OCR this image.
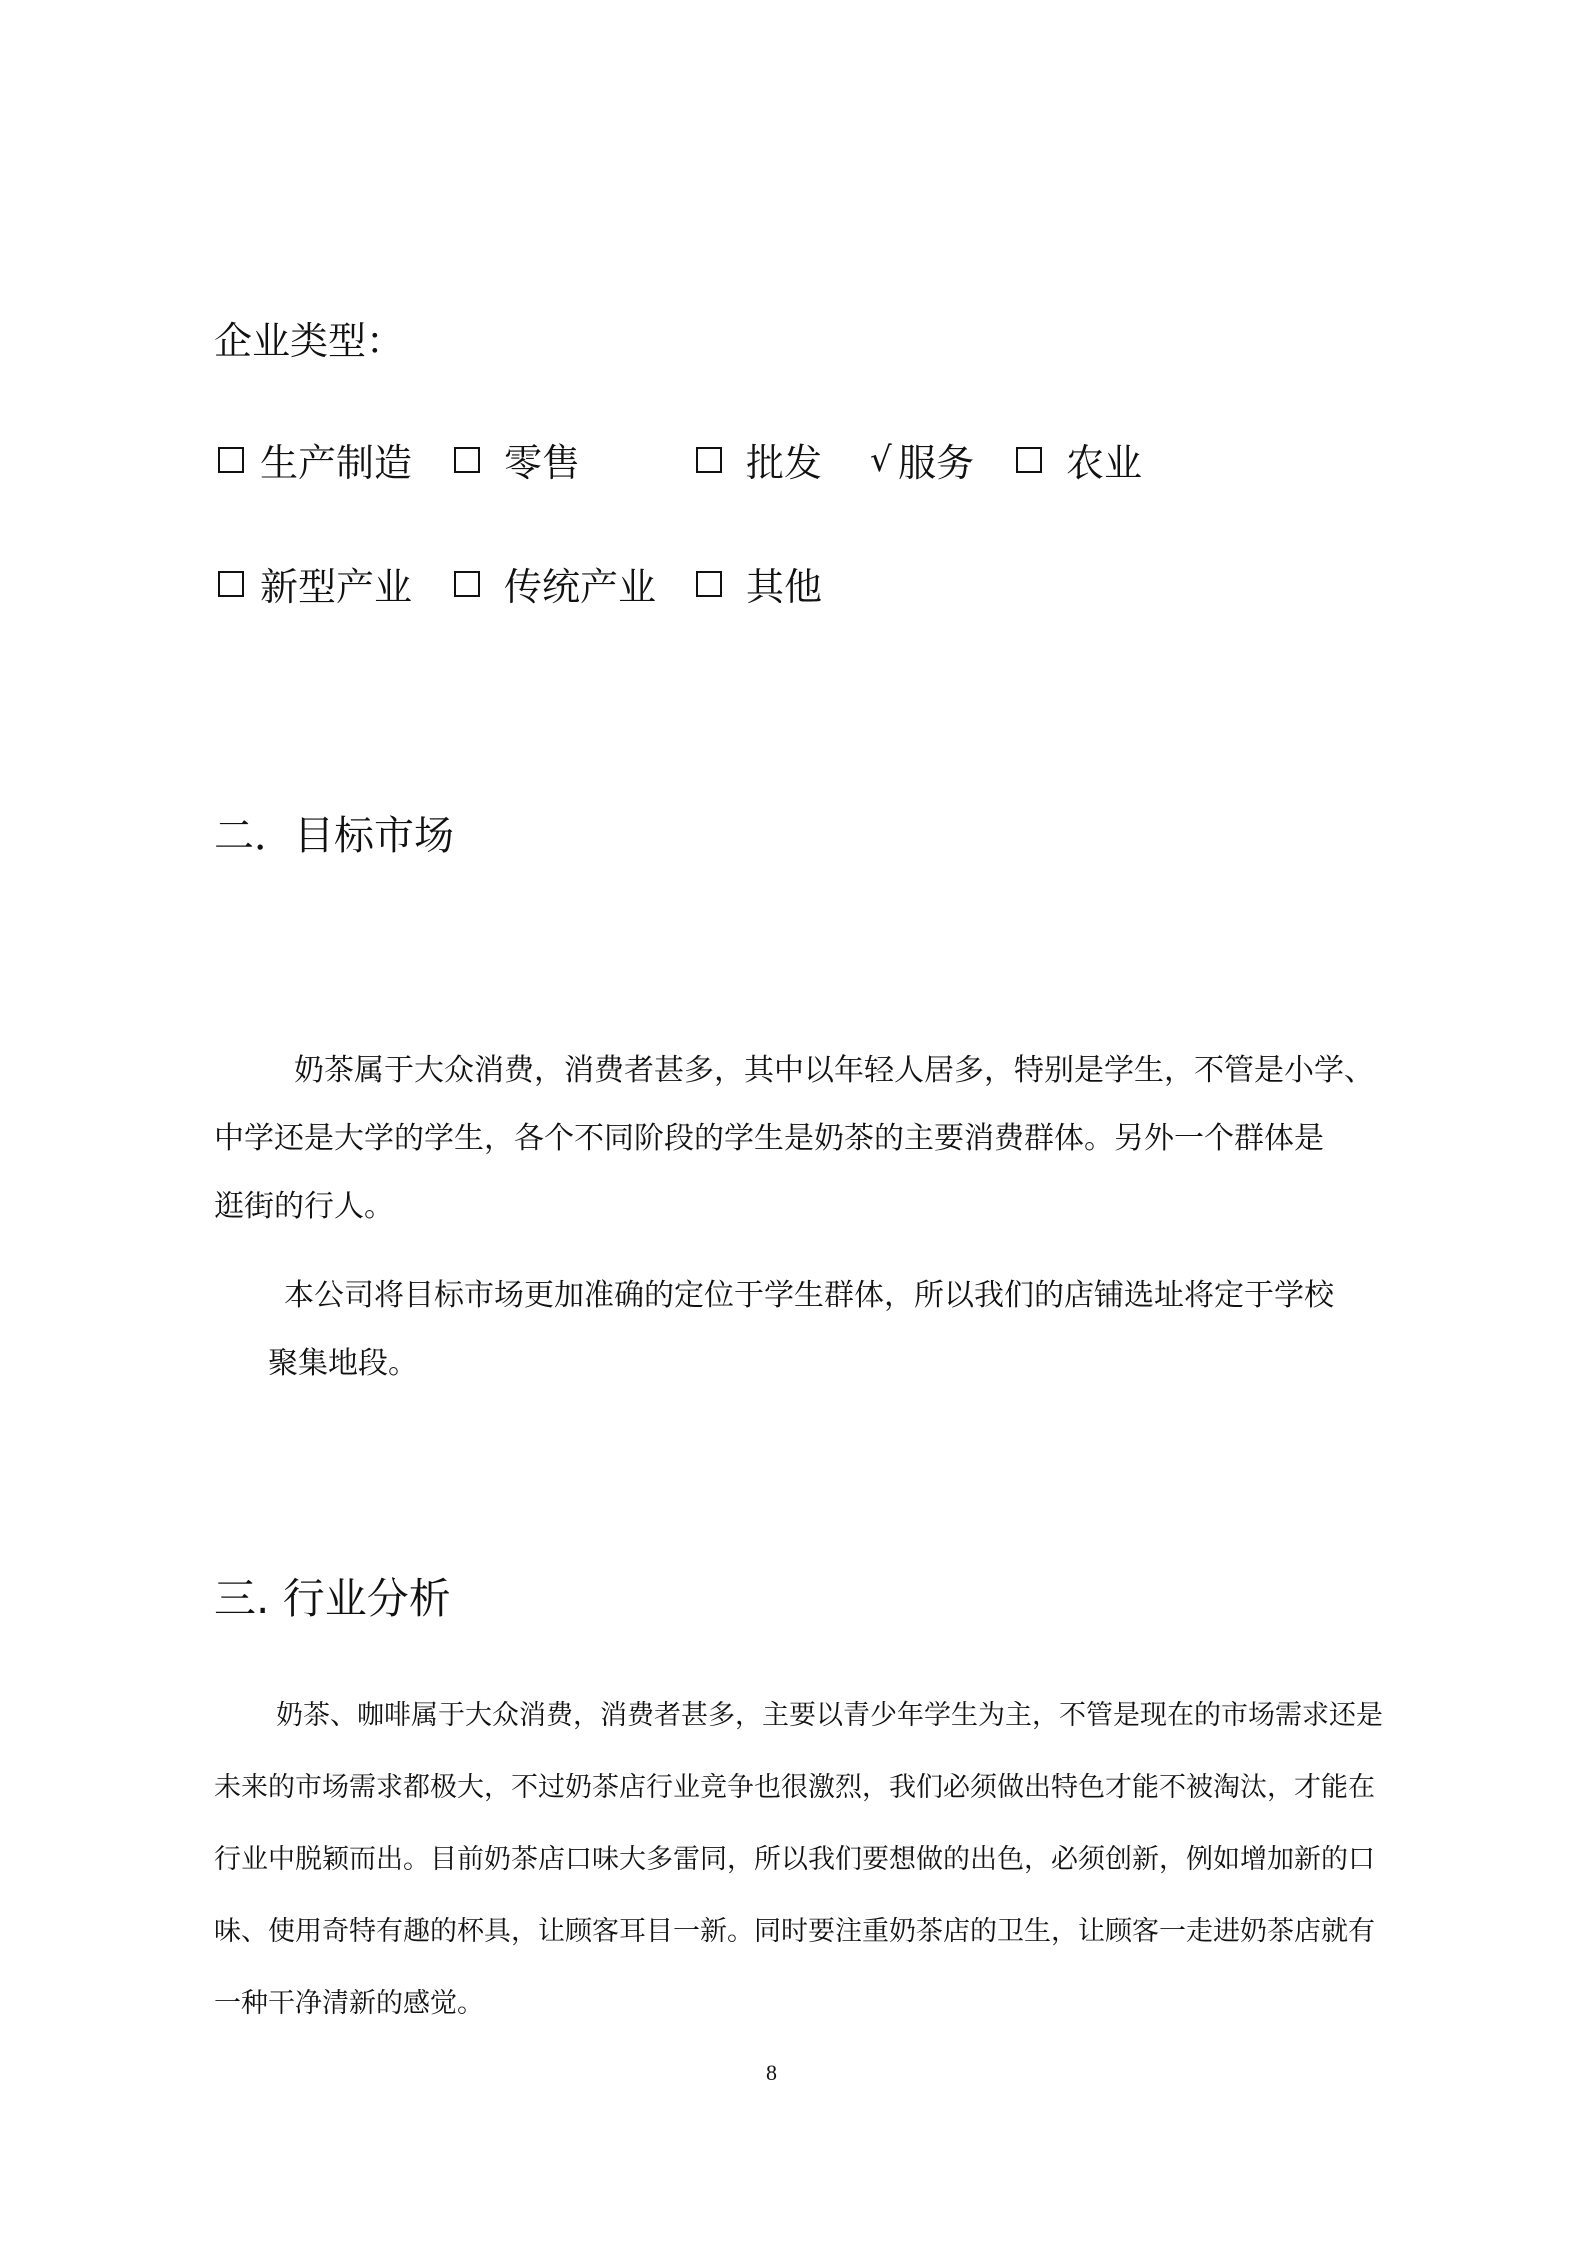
企业类型：
生产制造 零售	批发 √ 服务 农业
新型产业 传统产业 其他
二．目标市场
奶茶属于大众消费，消费者甚多，其中以年轻人居多，特别是学生，不管是小学、
中学还是大学的学生，各个不同阶段的学生是奶茶的主要消费群体。另外一个群体是
逛街的行人。
本公司将目标市场更加准确的定位于学生群体，所以我们的店铺选址将定于学校
聚集地段。
三. 行业分析
奶茶、咖啡属于大众消费，消费者甚多，主要以青少年学生为主，不管是现在的市场需求还是
未来的市场需求都极大，不过奶茶店行业竞争也很激烈，我们必须做出特色才能不被淘汰，才能在
行业中脱颖而出。目前奶茶店口味大多雷同，所以我们要想做的出色，必须创新，例如增加新的口
味、使用奇特有趣的杯具，让顾客耳目一新。同时要注重奶茶店的卫生，让顾客一走进奶茶店就有
一种干净清新的感觉。
8
